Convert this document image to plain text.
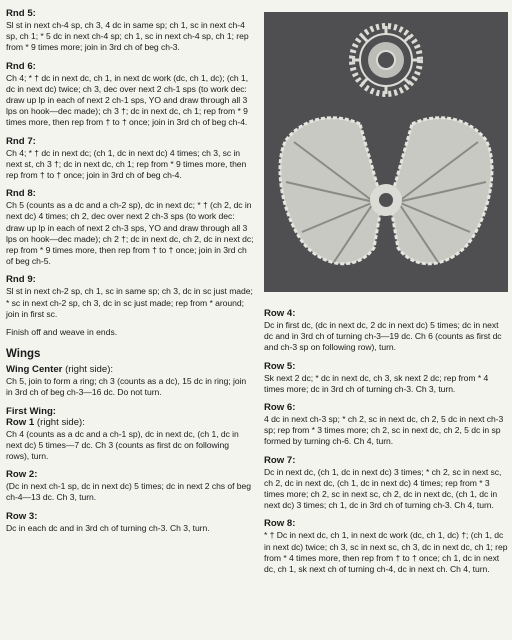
Rnd 5:

Sl st in next ch-4 sp, ch 3, 4 dc in same sp; ch 1, sc in next ch-4 sp, ch 1; * 5 dc in next ch-4 sp; ch 1, sc in next ch-4 sp, ch 1; rep from * 9 times more; join in 3rd ch of beg ch-3.

Rnd 6:

Ch 4; * † dc in next dc, ch 1, in next dc work (dc, ch 1, dc); (ch 1, dc in next dc) twice; ch 3, dec over next 2 ch-1 sps (to work dec: draw up lp in each of next 2 ch-1 sps, YO and draw through all 3 lps on hook—dec made); ch 3 †; dc in next dc, ch 1; rep from * 9 times more, then rep from † to † once; join in 3rd ch of beg ch-4.

Rnd 7:

Ch 4; * † dc in next dc; (ch 1, dc in next dc) 4 times; ch 3, sc in next st, ch 3 †; dc in next dc, ch 1; rep from * 9 times more, then rep from † to † once; join in 3rd ch of beg ch-4.

Rnd 8:

Ch 5 (counts as a dc and a ch-2 sp), dc in next dc; * † (ch 2, dc in next dc) 4 times; ch 2, dec over next 2 ch-3 sps (to work dec: draw up lp in each of next 2 ch-3 sps, YO and draw through all 3 lps on hook—dec made); ch 2 †; dc in next dc, ch 2, dc in next dc; rep from * 9 times more, then rep from † to † once; join in 3rd ch of beg ch-5.

Rnd 9:

Sl st in next ch-2 sp, ch 1, sc in same sp; ch 3, dc in sc just made; * sc in next ch-2 sp, ch 3, dc in sc just made; rep from * around; join in first sc.

Finish off and weave in ends.

Wings
Wing Center (right side):

Ch 5, join to form a ring; ch 3 (counts as a dc), 15 dc in ring; join in 3rd ch of beg ch-3—16 dc. Do not turn.

First Wing:
Row 1 (right side):

Ch 4 (counts as a dc and a ch-1 sp), dc in next dc, (ch 1, dc in next dc) 5 times—7 dc. Ch 3 (counts as first dc on following rows), turn.

Row 2:

(Dc in next ch-1 sp, dc in next dc) 5 times; dc in next 2 chs of beg ch-4—13 dc. Ch 3, turn.

Row 3:

Dc in each dc and in 3rd ch of turning ch-3. Ch 3, turn.

Row 4:

Dc in first dc, (dc in next dc, 2 dc in next dc) 5 times; dc in next dc and in 3rd ch of turning ch-3—19 dc. Ch 6 (counts as first dc and ch-3 sp on following row), turn.

Row 5:

Sk next 2 dc; * dc in next dc, ch 3, sk next 2 dc; rep from * 4 times more; dc in 3rd ch of turning ch-3. Ch 3, turn.

Row 6:

4 dc in next ch-3 sp; * ch 2, sc in next dc, ch 2, 5 dc in next ch-3 sp; rep from * 3 times more; ch 2, sc in next dc, ch 2, 5 dc in sp formed by turning ch-6. Ch 4, turn.

Row 7:

Dc in next dc, (ch 1, dc in next dc) 3 times; * ch 2, sc in next sc, ch 2, dc in next dc, (ch 1, dc in next dc) 4 times; rep from * 3 times more; ch 2, sc in next sc, ch 2, dc in next dc, (ch 1, dc in next dc) 3 times; ch 1, dc in 3rd ch of turning ch-3. Ch 4, turn.

Row 8:

* † Dc in next dc, ch 1, in next dc work (dc, ch 1, dc) †; (ch 1, dc in next dc) twice; ch 3, sc in next sc, ch 3, dc in next dc, ch 1; rep from * 4 times more, then rep from † to † once; ch 1, dc in next dc, ch 1, sk next ch of turning ch-4, dc in next ch. Ch 4, turn.
